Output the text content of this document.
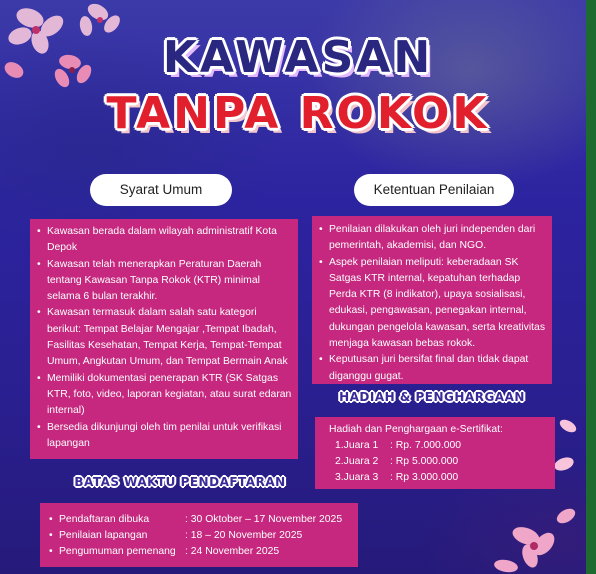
KAWASAN
TANPA ROKOK
Syarat Umum
• Kawasan berada dalam wilayah administratif Kota Depok
• Kawasan telah menerapkan Peraturan Daerah tentang Kawasan Tanpa Rokok (KTR) minimal selama 6 bulan terakhir.
• Kawasan termasuk dalam salah satu kategori berikut: Tempat Belajar Mengajar ,Tempat Ibadah, Fasilitas Kesehatan, Tempat Kerja, Tempat-Tempat Umum, Angkutan Umum, dan Tempat Bermain Anak
• Memiliki dokumentasi penerapan KTR (SK Satgas KTR, foto, video, laporan kegiatan, atau surat edaran internal)
• Bersedia dikunjungi oleh tim penilai untuk verifikasi lapangan
Ketentuan Penilaian
• Penilaian dilakukan oleh juri independen dari pemerintah, akademisi, dan NGO.
• Aspek penilaian meliputi: keberadaan SK Satgas KTR internal, kepatuhan terhadap Perda KTR (8 indikator), upaya sosialisasi, edukasi, pengawasan, penegakan internal, dukungan pengelola kawasan, serta kreativitas menjaga kawasan bebas rokok.
• Keputusan juri bersifat final dan tidak dapat diganggu gugat.
HADIAH & PENGHARGAAN
Hadiah dan Penghargaan e-Sertifikat:
1.Juara 1	: Rp. 7.000.000
2.Juara 2	: Rp 5.000.000
3.Juara 3	: Rp 3.000.000
BATAS WAKTU PENDAFTARAN
• Pendaftaran dibuka	: 30 Oktober – 17 November 2025
• Penilaian lapangan	: 18 – 20 November 2025
• Pengumuman pemenang : 24 November 2025
